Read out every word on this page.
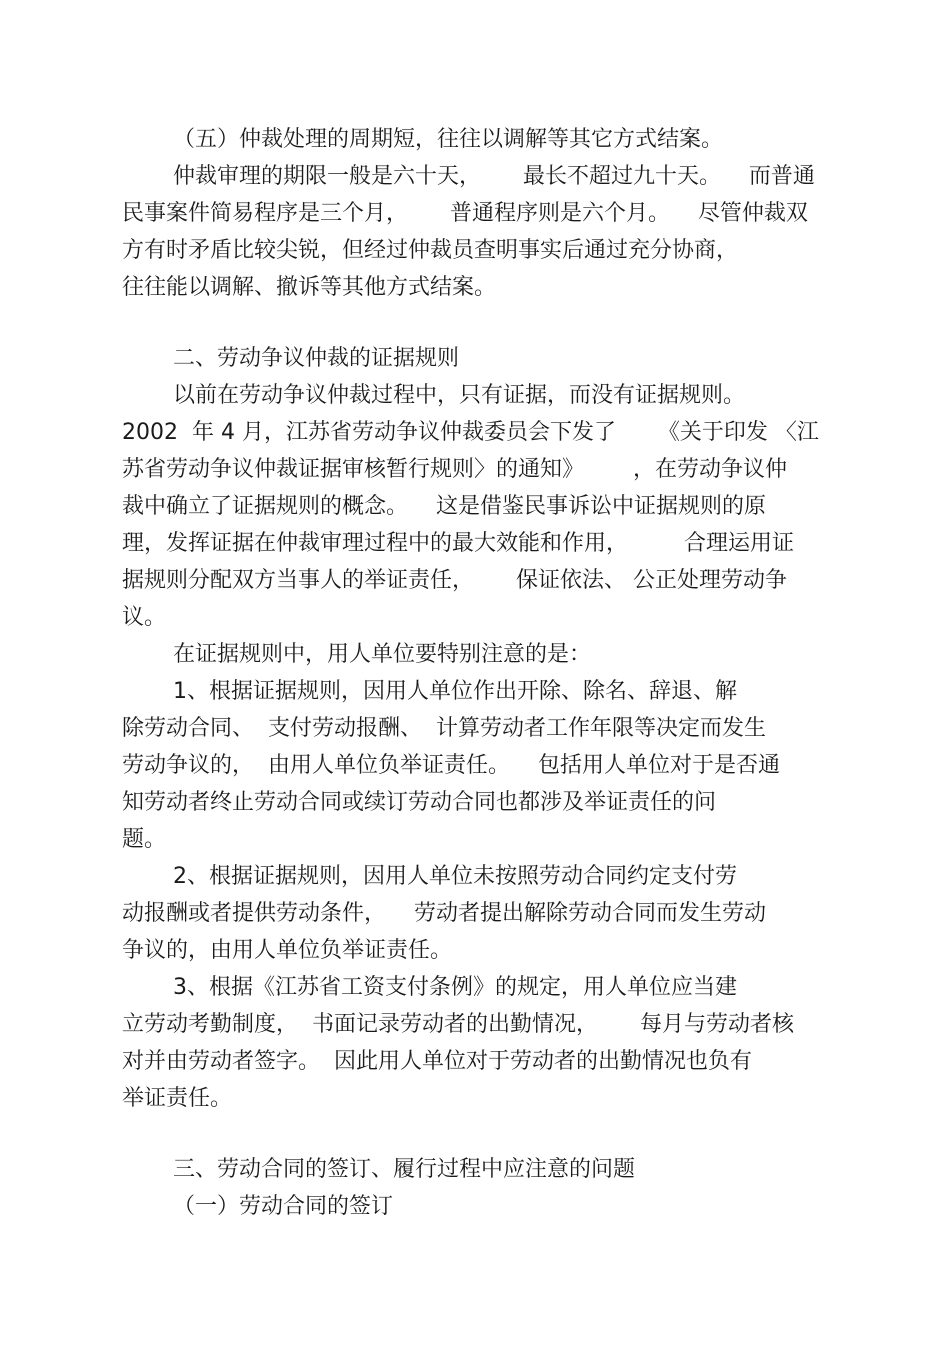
（五）仲裁处理的周期短，往往以调解等其它方式结案。
仲裁审理的期限一般是六十天，      最长不超过九十天。    而普通
民事案件简易程序是三个月，      普通程序则是六个月。    尽管仲裁双
方有时矛盾比较尖锐，但经过仲裁员查明事实后通过充分协商，
往往能以调解、撤诉等其他方式结案。
二、劳动争议仲裁的证据规则
以前在劳动争议仲裁过程中，只有证据，而没有证据规则。
2002  年 4 月，江苏省劳动争议仲裁委员会下发了      《关于印发 〈江
苏省劳动争议仲裁证据审核暂行规则〉的通知》       ，在劳动争议仲
裁中确立了证据规则的概念。    这是借鉴民事诉讼中证据规则的原
理，发挥证据在仲裁审理过程中的最大效能和作用，        合理运用证
据规则分配双方当事人的举证责任，      保证依法、 公正处理劳动争
议。
在证据规则中，用人单位要特别注意的是：
1、根据证据规则，因用人单位作出开除、除名、辞退、解
除劳动合同、  支付劳动报酬、  计算劳动者工作年限等决定而发生
劳动争议的，  由用人单位负举证责任。    包括用人单位对于是否通
知劳动者终止劳动合同或续订劳动合同也都涉及举证责任的问
题。
2、根据证据规则，因用人单位未按照劳动合同约定支付劳
动报酬或者提供劳动条件，    劳动者提出解除劳动合同而发生劳动
争议的，由用人单位负举证责任。
3、根据《江苏省工资支付条例》的规定，用人单位应当建
立劳动考勤制度，  书面记录劳动者的出勤情况，      每月与劳动者核
对并由劳动者签字。  因此用人单位对于劳动者的出勤情况也负有
举证责任。
三、劳动合同的签订、履行过程中应注意的问题
（一）劳动合同的签订
